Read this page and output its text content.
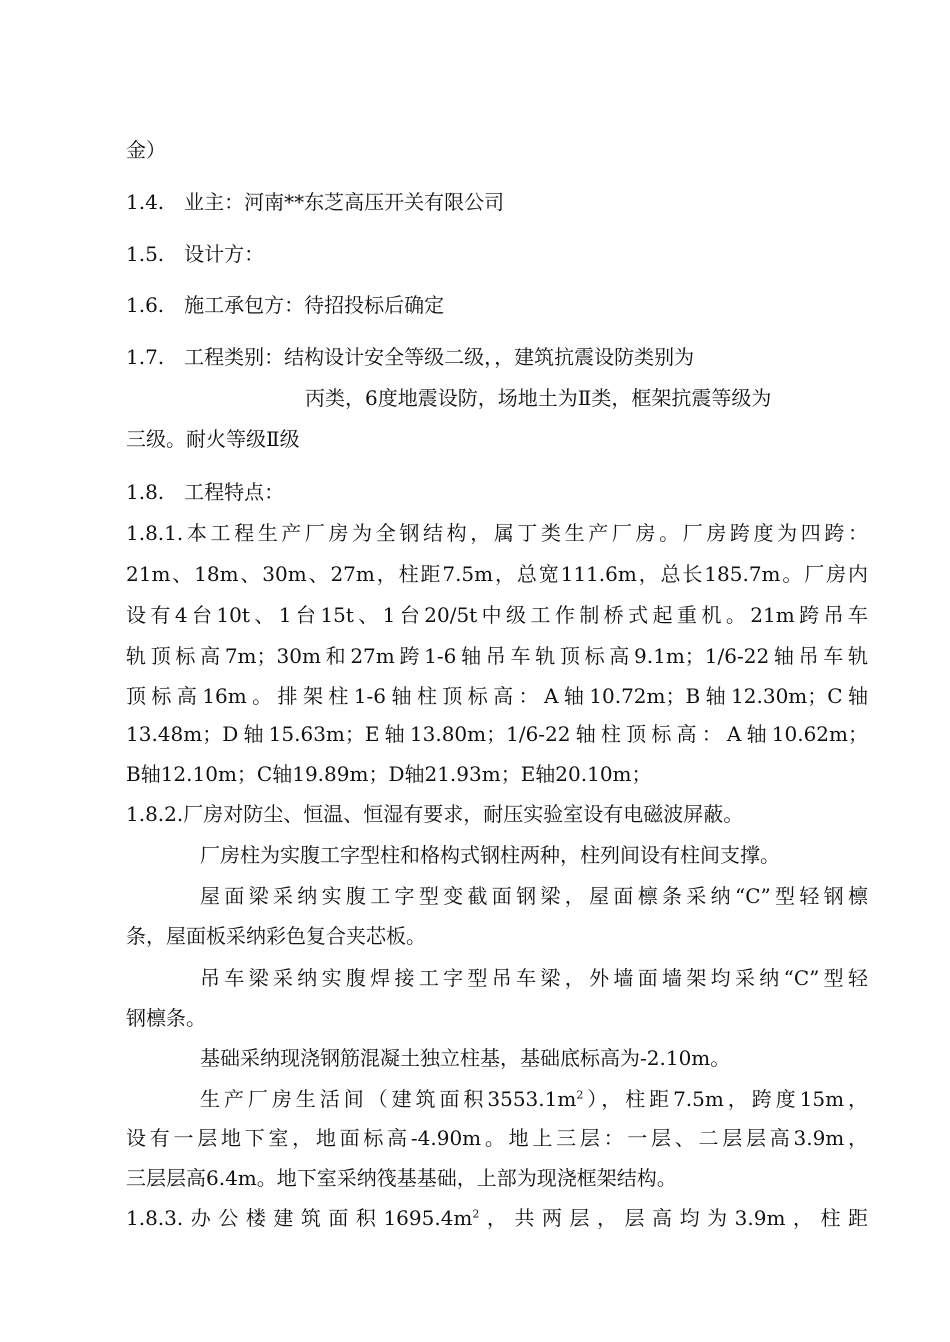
金）
1.4.　业主：河南**东芝高压开关有限公司
1.5.　设计方：
1.6.　施工承包方：待招投标后确定
1.7.　工程类别：结构设计安全等级二级，，建筑抗震设防类别为
丙类，6度地震设防，场地土为Ⅱ类，框架抗震等级为
三级。耐火等级Ⅱ级
1.8.　工程特点：
1.8.1.本工程生产厂房为全钢结构，属丁类生产厂房。厂房跨度为四跨：
21m、18m、30m、27m，柱距7.5m，总宽111.6m，总长185.7m。厂房内
设有4台10t、1台15t、1台20/5t中级工作制桥式起重机。21m跨吊车
轨顶标高7m；30m和27m跨1-6轴吊车轨顶标高9.1m；1/6-22轴吊车轨
顶标高16m。排架柱1-6轴柱顶标高：A轴10.72m；B轴12.30m；C轴
13.48m；D轴15.63m；E轴13.80m；1/6-22轴柱顶标高：A轴10.62m；
B轴12.10m；C轴19.89m；D轴21.93m；E轴20.10m；
1.8.2.厂房对防尘、恒温、恒湿有要求，耐压实验室设有电磁波屏蔽。
厂房柱为实腹工字型柱和格构式钢柱两种，柱列间设有柱间支撑。
屋面梁采纳实腹工字型变截面钢梁，屋面檩条采纳“C”型轻钢檩
条，屋面板采纳彩色复合夹芯板。
吊车梁采纳实腹焊接工字型吊车梁，外墙面墙架均采纳“C”型轻
钢檩条。
基础采纳现浇钢筋混凝土独立柱基，基础底标高为-2.10m。
生产厂房生活间（建筑面积$3553.1m^2$），柱距7.5m，跨度15m，
设有一层地下室，地面标高-4.90m。地上三层：一层、二层层高3.9m，
三层层高6.4m。地下室采纳筏基基础，上部为现浇框架结构。
1.8.3.办公楼建筑面积$1695.4m^2$，共两层，层高均为3.9m，柱距
